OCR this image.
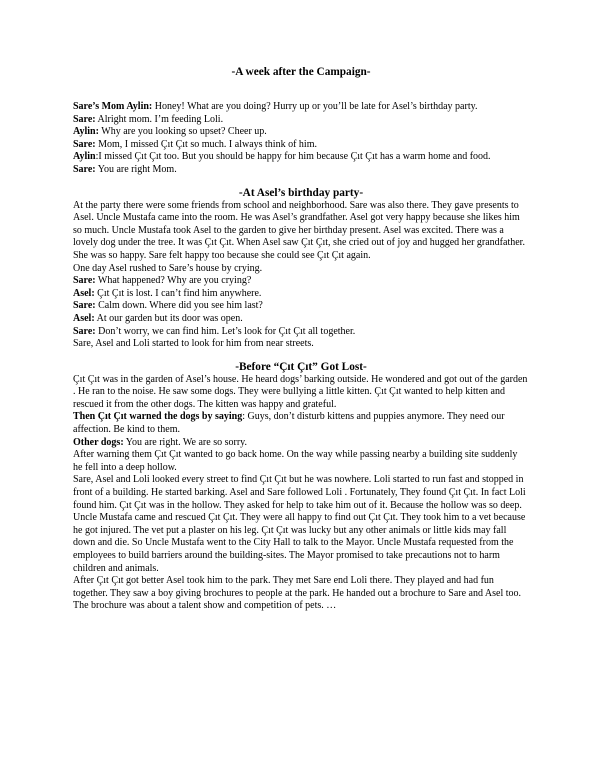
-A week after the Campaign-

Sare’s Mom Aylin: Honey! What are you doing? Hurry up or you’ll be late for Asel’s birthday party.

Sare: Alright mom. I’m feeding Loli.

Aylin: Why are you looking so upset? Cheer up.

Sare: Mom, I missed Çıt Çıt so much. I always think of him.

Aylin:I missed Çıt Çıt too. But you should be happy for him because Çıt Çıt has a warm home and food.

Sare: You are right Mom.

-At Asel’s birthday party-

At the party there were some friends from school and neighborhood. Sare was also there. They gave presents to Asel. Uncle Mustafa came into the room. He was Asel’s grandfather. Asel got very happy because she likes him so much. Uncle Mustafa took Asel to the garden to give her birthday present. Asel was excited. There was a lovely dog under the tree. It was Çıt Çıt. When Asel saw Çıt Çıt, she cried out of joy and hugged her grandfather. She was so happy. Sare felt happy too because she could see Çıt Çıt again.

One day Asel rushed to Sare’s house by crying.

Sare: What happened? Why are you crying?

Asel: Çıt Çıt is lost. I can’t find him anywhere.

Sare: Calm down. Where did you see him last?

Asel: At our garden but its door was open.

Sare: Don’t worry, we can find him. Let’s look for Çıt Çıt all together.

Sare, Asel and Loli started to look for him from near streets.

-Before “Çıt Çıt” Got Lost-

Çıt Çıt was in the garden of Asel’s house. He heard dogs’ barking outside. He wondered and got out of the garden . He ran to the noise. He saw some dogs. They were bullying a little kitten. Çıt Çıt wanted to help kitten and rescued it from the other dogs. The kitten was happy and grateful.

Then Çıt Çıt warned the dogs by saying: Guys, don’t disturb kittens and puppies anymore. They need our affection. Be kind to them.

Other dogs: You are right. We are so sorry.

After warning them Çıt Çıt wanted to go back home. On the way while passing nearby a building site suddenly he fell into a deep hollow.

Sare, Asel and Loli looked every street to find Çıt Çıt but he was nowhere. Loli started to run fast and stopped in front of a building. He started barking. Asel and Sare followed Loli . Fortunately, They found Çıt Çıt. In fact Loli found him. Çıt Çıt was in the hollow. They asked for help to take him out of it. Because the hollow was so deep. Uncle Mustafa came and rescued Çıt Çıt. They were all happy to find out Çıt Çıt. They took him to a vet because he got injured. The vet put a plaster on his leg. Çıt Çıt was lucky but any other animals or little kids may fall down and die. So Uncle Mustafa went to the City Hall to talk to the Mayor. Uncle Mustafa requested from the employees to build barriers around the building-sites. The Mayor promised to take precautions not to harm children and animals.

After Çıt Çıt got better Asel took him to the park. They met Sare end Loli there. They played and had fun together. They saw a boy giving brochures to people at the park. He handed out a brochure to Sare and Asel too. The brochure was about a talent show and competition of pets. …
